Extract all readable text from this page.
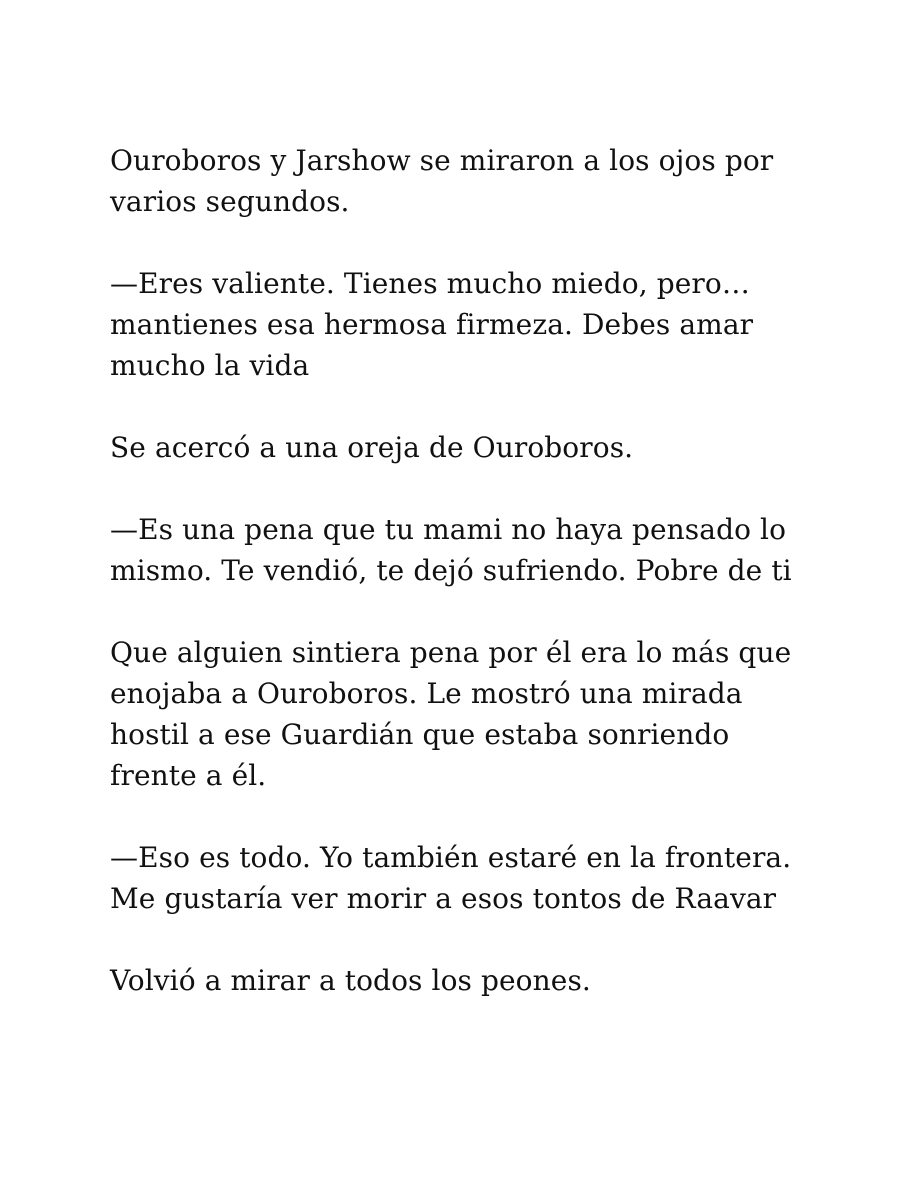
Ouroboros y Jarshow se miraron a los ojos por
varios segundos.

—Eres valiente. Tienes mucho miedo, pero…
mantienes esa hermosa firmeza. Debes amar
mucho la vida

Se acercó a una oreja de Ouroboros.

—Es una pena que tu mami no haya pensado lo
mismo. Te vendió, te dejó sufriendo. Pobre de ti

Que alguien sintiera pena por él era lo más que
enojaba a Ouroboros. Le mostró una mirada
hostil a ese Guardián que estaba sonriendo
frente a él.

—Eso es todo. Yo también estaré en la frontera.
Me gustaría ver morir a esos tontos de Raavar

Volvió a mirar a todos los peones.
